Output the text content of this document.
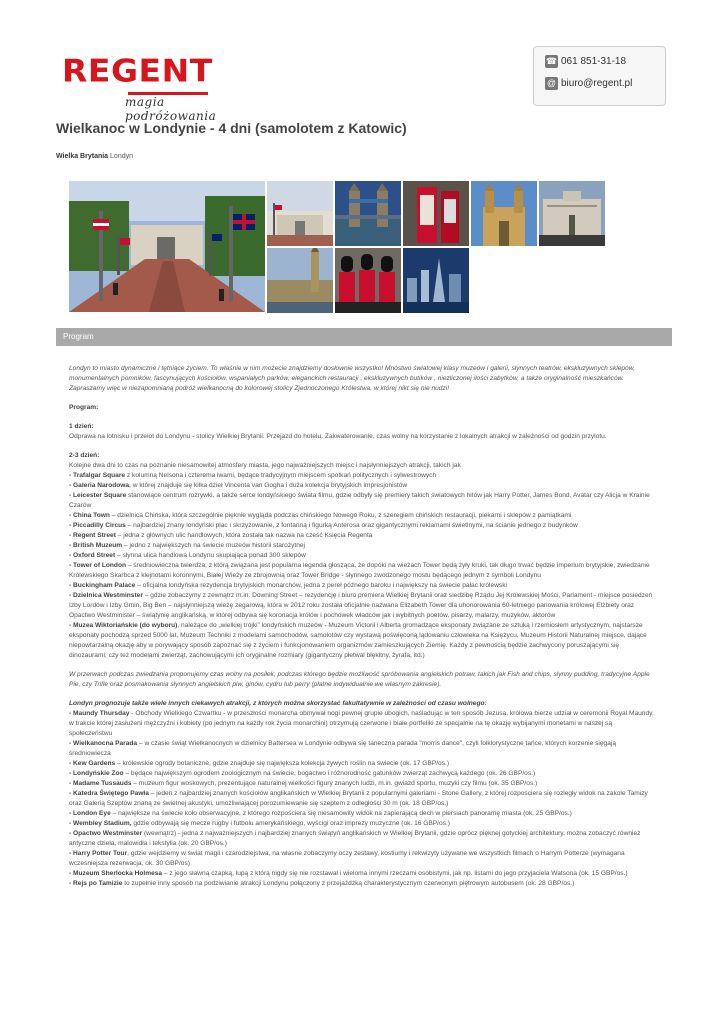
REGENT
magia podróżowania
☎ 061 851-31-18
@ biuro@regent.pl
Wielkanoc w Londynie - 4 dni (samolotem z Katowic)
Wielka Brytania Londyn
Program

Londyn to miasto dynamiczne i tętniące życiem. To właśnie w nim możecie znajdziemy dosłownie wszystko! Mnóstwo światowej klasy muzeów i galerii, słynnych teatrów, ekskluzywnych sklepów, monumentalnych pomników, fascynujących kościołów, wspaniałych parków, eleganckich restauracji , ekskluzywnych butików , niezliczonej ilości zabytków, a także oryginalność mieszkańców. Zapraszamy więc w niezapomnianą podróż wielkanocną do kolorowej stolicy Zjednoczonego Królestwa, w której nikt się nie nudzi!

Program:

1 dzień:

Odprawa na lotnisku i przelot do Londynu - stolicy Wielkiej Brytanii. Przejazd do hotelu. Zakwaterowanie, czas wolny na korzystanie z lokalnych atrakcji w zależności od godzin przylotu.

2-3 dzień:

Kolejne dwa dni to czas na poznanie niesamowitej atmosfery miasta, jego najważniejszych miejsc i najsłynniejszych atrakcji, takich jak

- Trafalgar Square z kolumną Nelsona i czterema lwami, będące tradycyjnym miejscem spotkań politycznych i sylwestrowych

- Galeria Narodowa, w której znajduje się kilka dzieł Vincenta van Gogha i duża kolekcja brytyjskich impresjonistów

- Leicester Square stanowiące centrum rozrywki, a także serce londyńskiego świata filmu, gdzie odbyły się premiery takich światowych hitów jak Harry Potter, James Bond, Avatar czy Alicja w Krainie Czarów

- China Town – dzielnica Chińska, która szczególnie pięknie wygląda podczas chińskiego Nowego Roku, z szeregiem chińskich restauracji, piekarni i sklepów z pamiątkami

- Piccadilly Circus – najbardziej znany londyński plac i skrzyżowanie, z fontanną i figurką Anterosa oraz gigantycznymi reklamami świetlnymi, na ścianie jednego z budynków

- Regent Street – jedna z głównych ulic handlowych, która została tak nazwa na cześć Księcia Regenta

- British Muzeum – jedno z największych na świecie muzeów historii starożytnej

- Oxford Street – słynna ulica handlowa Londynu skupiająca ponad 300 sklepów

- Tower of London – średniowieczna twierdza, z którą związana jest popularna legenda głosząca, że dopóki na wieżach Tower będą żyły kruki, tak długo trwać będzie imperium brytyjskie, zwiedzanie Królewskiego Skarbca z klejnotami koronnymi, Białej Wieży ze zbrojownią oraz Tower Bridge - słynnego zwodzonego mostu będącego jednym z symboli Londynu

- Buckingham Palace – oficjalna londyńska rezydencja brytyjskich monarchów, jedna z pereł późnego baroku i największy na świecie pałac królewski

- Dzielnica Westminster – gdzie zobaczymy z zewnątrz m.in. Downing Street – rezydencję i biuro premiera Wielkiej Brytanii oraz siedzibę Rządu Jej Królewskiej Mości, Parlament - miejsce posiedzeń Izby Lordów i Izby Gmin, Big Ben – najsłynniejszą wieżę zegarową, która w 2012 roku została oficjalnie nazwana Elizabeth Tower dla uhonorowania 60-letniego panowania królowej Elżbiety oraz Opactwo Westminister – świątynię anglikańską, w której odbywa się koronacja królów i pochówek władców jak i wybitnych poetów, pisarzy, malarzy, muzyków, aktorów

- Muzea Wiktoriańskie (do wyboru), należące do „wielkiej trójki” londyńskich muzeów - Muzeum Victorii i Alberta gromadzące eksponaty związane ze sztuką i rzemiosłem artystycznym, najstarsze eksponaty pochodzą sprzed 5000 lat, Muzeum Techniki z modelami samochodów, samolotów czy wystawą poświęconą lądowaniu człowieka na Księżycu, Muzeum Historii Naturalnej miejsce, dające niepowtarzalną okazję aby w porywający sposób zapoznać się z życiem i funkcjonowaniem organizmów zamieszkujących Ziemię. Każdy z pewnością będzie zachwycony poruszającymi się dinozaurami, czy też modelami zwierząt, zachowującymi ich oryginalne rozmiary (gigantyczny płetwal błękitny, żyrafa, itd.)

W przerwach podczas zwiedzania proponujemy czas wolny na posiłek, podczas którego będzie możliwość spróbowania angielskich potraw, takich jak Fish and chips, slynny pudding, tradycyjne Apple Pie, czy Trifle oraz posmakowania słynnych angielskich piw, ginów, cydru lub perry (płatne indywidualnie we własnym zakresie).

Londyn prognozuje także wiele innych ciekawych atrakcji, z których można skorzystać fakultatywnie w zależności od czasu wolnego:

- Maundy Thursday - Obchody Wielkiego Czwartku - w przeszłości monarcha obmywał nogi pewnej grupie ubogich, naśladując w ten sposób Jezusa, królowa bierze udział w ceremonii Royal Maundy, w trakcie której zasłużeni mężczyźni i kobiety (po jednym na każdy rok życia monarchini) otrzymują czerwone i białe portfeliki ze specjalnie na tę okazję wybijanymi monetami w naszej są społeczeństwu

- Wielkanocna Parada – w czasie świąt Wielkanocnych w dzielnicy Battersea w Londynie odbywa się taneczna parada "morris dance", czyli folklorystyczne tańce, których korzenie sięgają średniowiecza

- Kew Gardens – królewskie ogrody botaniczne, gdzie znajduje się największa kolekcja żywych roślin na świecie (ok. 17 GBP/os.)

- Londyńskie Zoo – będące największym ogrodem zoologicznym na świecie, bogactwo i różnorodność gatunków zwierząt zachwycą każdego (ok. 26 GBP/os.)

- Madame Tussauds – muzeum figur woskowych, prezentujące naturalnej wielkości figury znanych ludzi, m.in. gwiazd sportu, muzyki czy filmu (ok. 35 GBP/os.)

- Katedra Świętego Pawła – jeden z najbardziej znanych kościołów anglikańskich w Wielkiej Brytanii z popularnymi galeriami - Stone Gallery, z której rozpościera się rozległy widok na zakole Tamizy oraz Galerią Szeptów znaną ze świetnej akustyki, umożliwiającej porozumiewanie się szeptem z odległości 30 m (ok. 18 GBP/os.)

- London Eye – największe na świecie koło obserwacyjne, z którego rozpościera się niesamowity widok na zapierającą dech w piersiach panoramę miasta (ok. 25 GBP/os.)

- Wembley Stadium, gdzie odbywają się mecze rugby i futbolu amerykańskiego, wyścigi oraz imprezy muzyczne (ok. 16 GBP/os.)

- Opactwo Westminster (wewnątrz) - jedna z najważniejszych i najbardziej znanych świątyń anglikańskich w Wielkiej Brytanii, gdzie oprócz pięknej gotyckiej architektury, można zobaczyć również antyczne dzieła, malowidła i tekstylia (ok. 20 GBP/os.)

- Harry Potter Tour, gdzie wejdziemy w świat magii i czarodziejstwa, na własne zobaczymy oczy zestawy, kostiumy i rekwizyty używane we wszystkich filmach o Harrym Potterze (wymagana wcześniejsza rezerwacja, ok. 30 GBP/os)

- Muzeum Sherlocka Holmesa – z jego sławną czapką, lupą z którą nigdy się nie rozstawał i wieloma innymi rzeczami osobistymi, jak np. listami do jego przyjaciela Watsona (ok. 15 GBP/os.)

- Rejs po Tamizie to zupełnie inny sposób na podziwianie atrakcji Londynu połączony z przejażdżką charakterystycznym czerwonym piętrowym autobusem (ok. 28 GBP/os.)
